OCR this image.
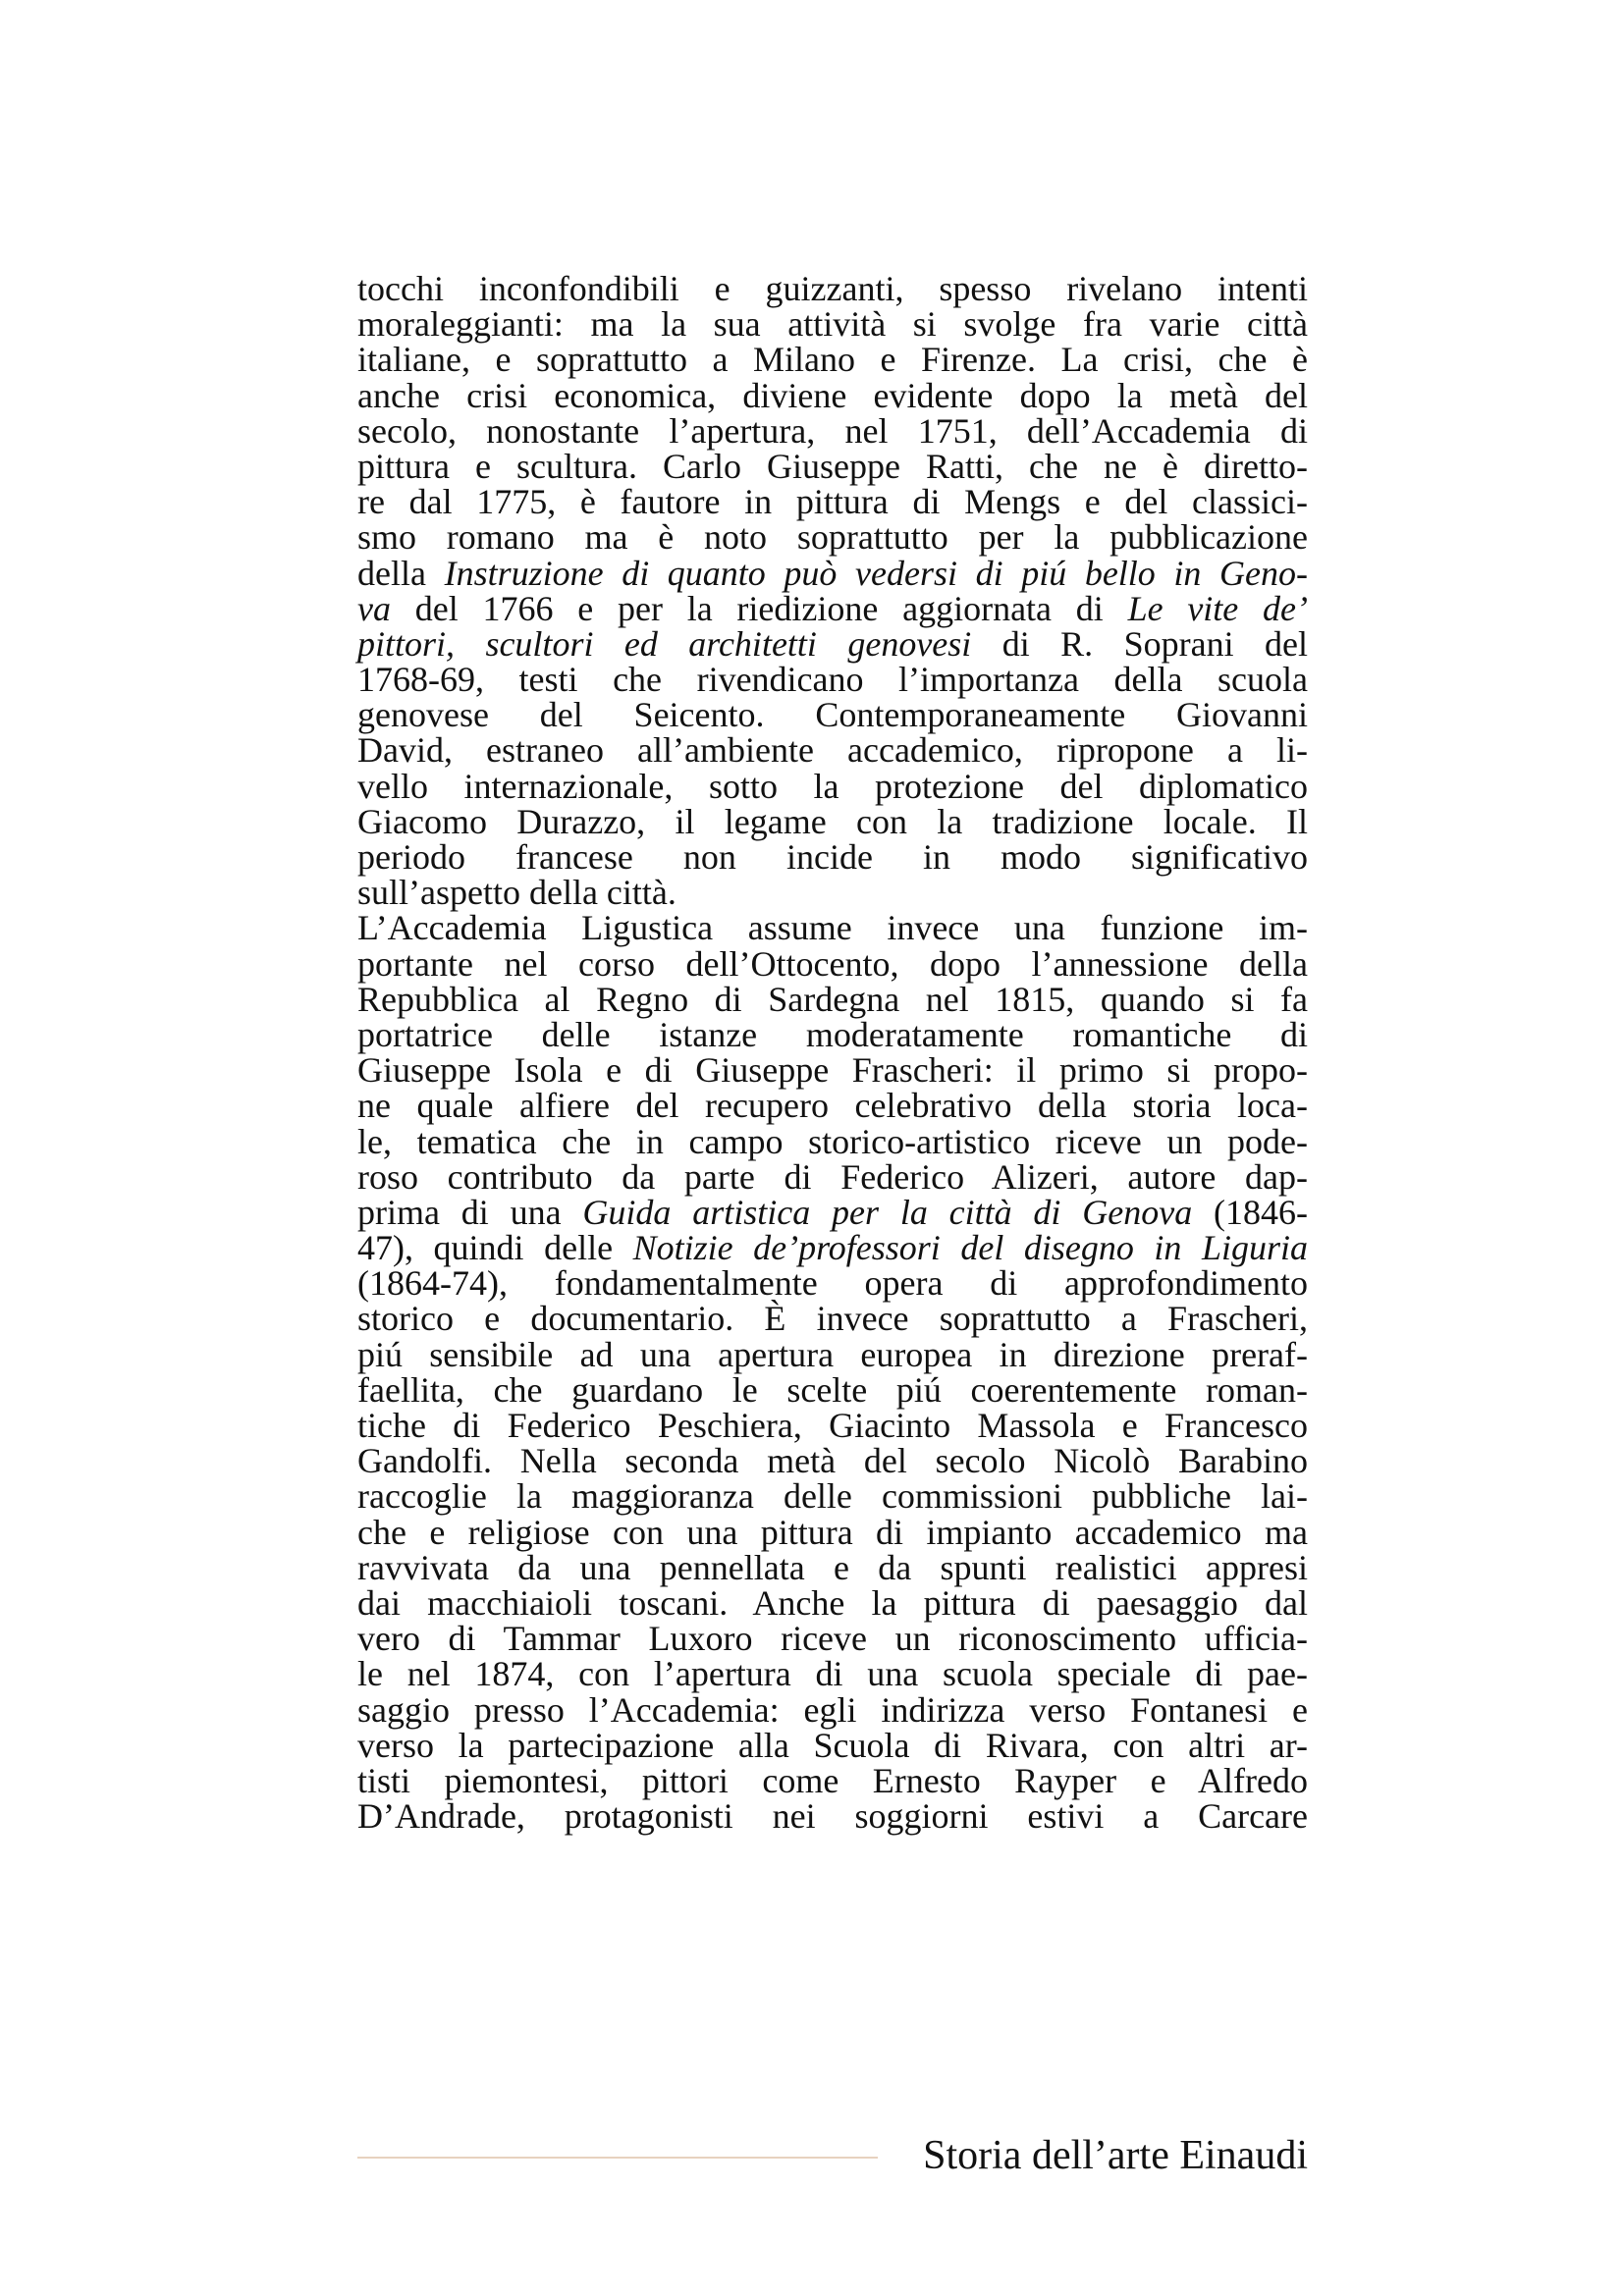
tocchi inconfondibili e guizzanti, spesso rivelano intenti
moraleggianti: ma la sua attività si svolge fra varie città
italiane, e soprattutto a Milano e Firenze. La crisi, che è
anche crisi economica, diviene evidente dopo la metà del
secolo, nonostante l’apertura, nel 1751, dell’Accademia di
pittura e scultura. Carlo Giuseppe Ratti, che ne è diretto-
re dal 1775, è fautore in pittura di Mengs e del classici-
smo romano ma è noto soprattutto per la pubblicazione
della Instruzione di quanto può vedersi di piú bello in Geno-
va del 1766 e per la riedizione aggiornata di Le vite de’
pittori, scultori ed architetti genovesi di R. Soprani del
1768-69, testi che rivendicano l’importanza della scuola
genovese del Seicento. Contemporaneamente Giovanni
David, estraneo all’ambiente accademico, ripropone a li-
vello internazionale, sotto la protezione del diplomatico
Giacomo Durazzo, il legame con la tradizione locale. Il
periodo francese non incide in modo significativo
sull’aspetto della città.
L’Accademia Ligustica assume invece una funzione im-
portante nel corso dell’Ottocento, dopo l’annessione della
Repubblica al Regno di Sardegna nel 1815, quando si fa
portatrice delle istanze moderatamente romantiche di
Giuseppe Isola e di Giuseppe Frascheri: il primo si propo-
ne quale alfiere del recupero celebrativo della storia loca-
le, tematica che in campo storico-artistico riceve un pode-
roso contributo da parte di Federico Alizeri, autore dap-
prima di una Guida artistica per la città di Genova (1846-
47), quindi delle Notizie de’professori del disegno in Liguria
(1864-74), fondamentalmente opera di approfondimento
storico e documentario. È invece soprattutto a Frascheri,
piú sensibile ad una apertura europea in direzione preraf-
faellita, che guardano le scelte piú coerentemente roman-
tiche di Federico Peschiera, Giacinto Massola e Francesco
Gandolfi. Nella seconda metà del secolo Nicolò Barabino
raccoglie la maggioranza delle commissioni pubbliche lai-
che e religiose con una pittura di impianto accademico ma
ravvivata da una pennellata e da spunti realistici appresi
dai macchiaioli toscani. Anche la pittura di paesaggio dal
vero di Tammar Luxoro riceve un riconoscimento ufficia-
le nel 1874, con l’apertura di una scuola speciale di pae-
saggio presso l’Accademia: egli indirizza verso Fontanesi e
verso la partecipazione alla Scuola di Rivara, con altri ar-
tisti piemontesi, pittori come Ernesto Rayper e Alfredo
D’Andrade, protagonisti nei soggiorni estivi a Carcare
Storia dell’arte Einaudi
